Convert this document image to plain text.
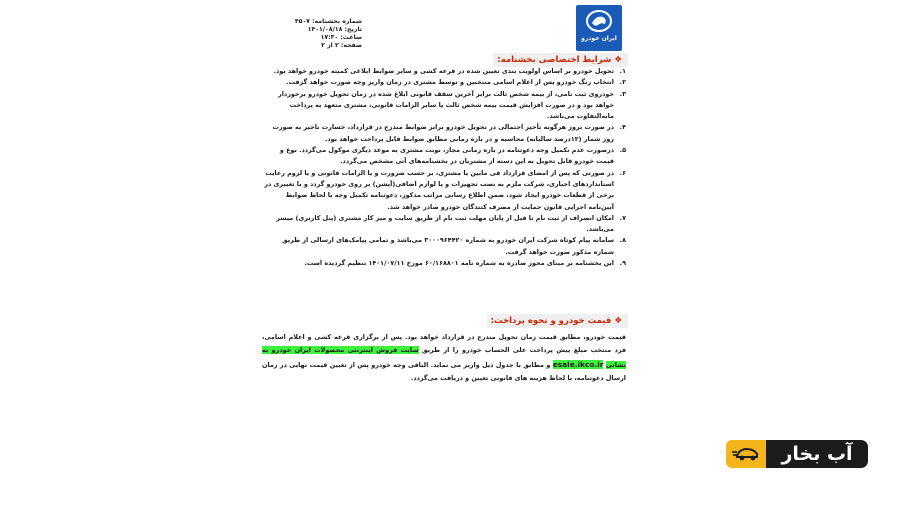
ایران خودرو
شماره بخشنامه: ۴۵۰۷
تاریخ: ۱۴۰۱/۰۸/۱۸
ساعت: ۱۷:۳۰
صفحه: ۲ از ۲
❖شرایط اختصاصی بخشنامه:
۱.
تحویل خودرو بر اساس اولویت بندی تعیین شده در قرعه کشی و سایر ضوابط ابلاغی کمیته خودرو خواهد بود.
۲.
انتخاب رنگ خودرو پس از اعلام اسامی منتخبین و توسط مشتری در زمان واریز وجه صورت خواهد گرفت.
۳.
خودروی ثبت نامی، از بیمه شخص ثالث برابر آخرین سقف قانونی ابلاغ شده در زمان تحویل خودرو برخوردار خواهد بود و در صورت افزایش قیمت بیمه شخص ثالث یا سایر الزامات قانونی، مشتری متعهد به پرداخت مابه‌التفاوت می‌باشد.
۴.
در صورت بروز هرگونه تأخیر احتمالی در تحویل خودرو برابر ضوابط مندرج در قرارداد، خسارت تاخیر به صورت روز شمار (۱۲درصد سالیانه) محاسبه و در بازه زمانی مطابق ضوابط قابل پرداخت خواهد بود.
۵.
درصورت عدم تکمیل وجه دعوتنامه در بازه زمانی مجاز، نوبت مشتری به موعد دیگری موکول می‌گردد. نوع و قیمت خودرو قابل تحویل به این دسته از مشتریان در بخشنامه‌های آتی مشخص می‌گردد.
۶.
در صورتی که پس از امضای قرارداد فی مابین یا مشتری، بر حسب ضرورت و یا الزامات قانونی و یا لزوم رعایت استانداردهای اجباری، شرکت ملزم به نصب تجهیزات و یا لوازم اضافی(آپشن) بر روی خودرو گردد و یا تغییری در برخی از قطعات خودرو ایجاد شود، ضمن اطلاع رسانی مراتب مذکور، دعوتنامه تکمیل وجه با لحاظ ضوابط آیین‌نامه اجرایی قانون حمایت از مصرف کنندگان خودرو صادر خواهد شد.
۷.
امکان انصراف از ثبت نام تا قبل از پایان مهلت ثبت نام از طریق سایت و میز کار مشتری (پنل کاربری) میسر می‌باشد.
۸.
سامانه پیام کوتاه شرکت ایران خودرو به شماره ۳۰۰۰۹۶۴۴۲۰ می‌باشد و تمامی پیامک‌های ارسالی از طریق شماره مذکور صورت خواهد گرفت.
۹.
این بخشنامه بر مبنای مجوز صادره به شماره نامه ۶۰/۱۶۸۸۰۱ مورخ ۱۴۰۱/۰۷/۱۱ تنظیم گردیده است.
❖قیمت خودرو و نحوه پرداخت:
قیمت خودرو، مطابق قیمت زمان تحویل مندرج در قرارداد خواهد بود. پس از برگزاری قرعه کشی و اعلام اسامی، فرد منتخب مبلغ پیش پرداخت علی الحساب خودرو را از طریق سایت فروش اینترنتی محصولات ایران خودرو به نشانی esale.ikco.ir و مطابق با جدول ذیل واریز می نماید. الباقی وجه خودرو پس از تعیین قیمت نهایی در زمان ارسال دعوتنامه، با لحاظ هزینه های قانونی تعیین و دریافت می‌گردد.
آب بخار
